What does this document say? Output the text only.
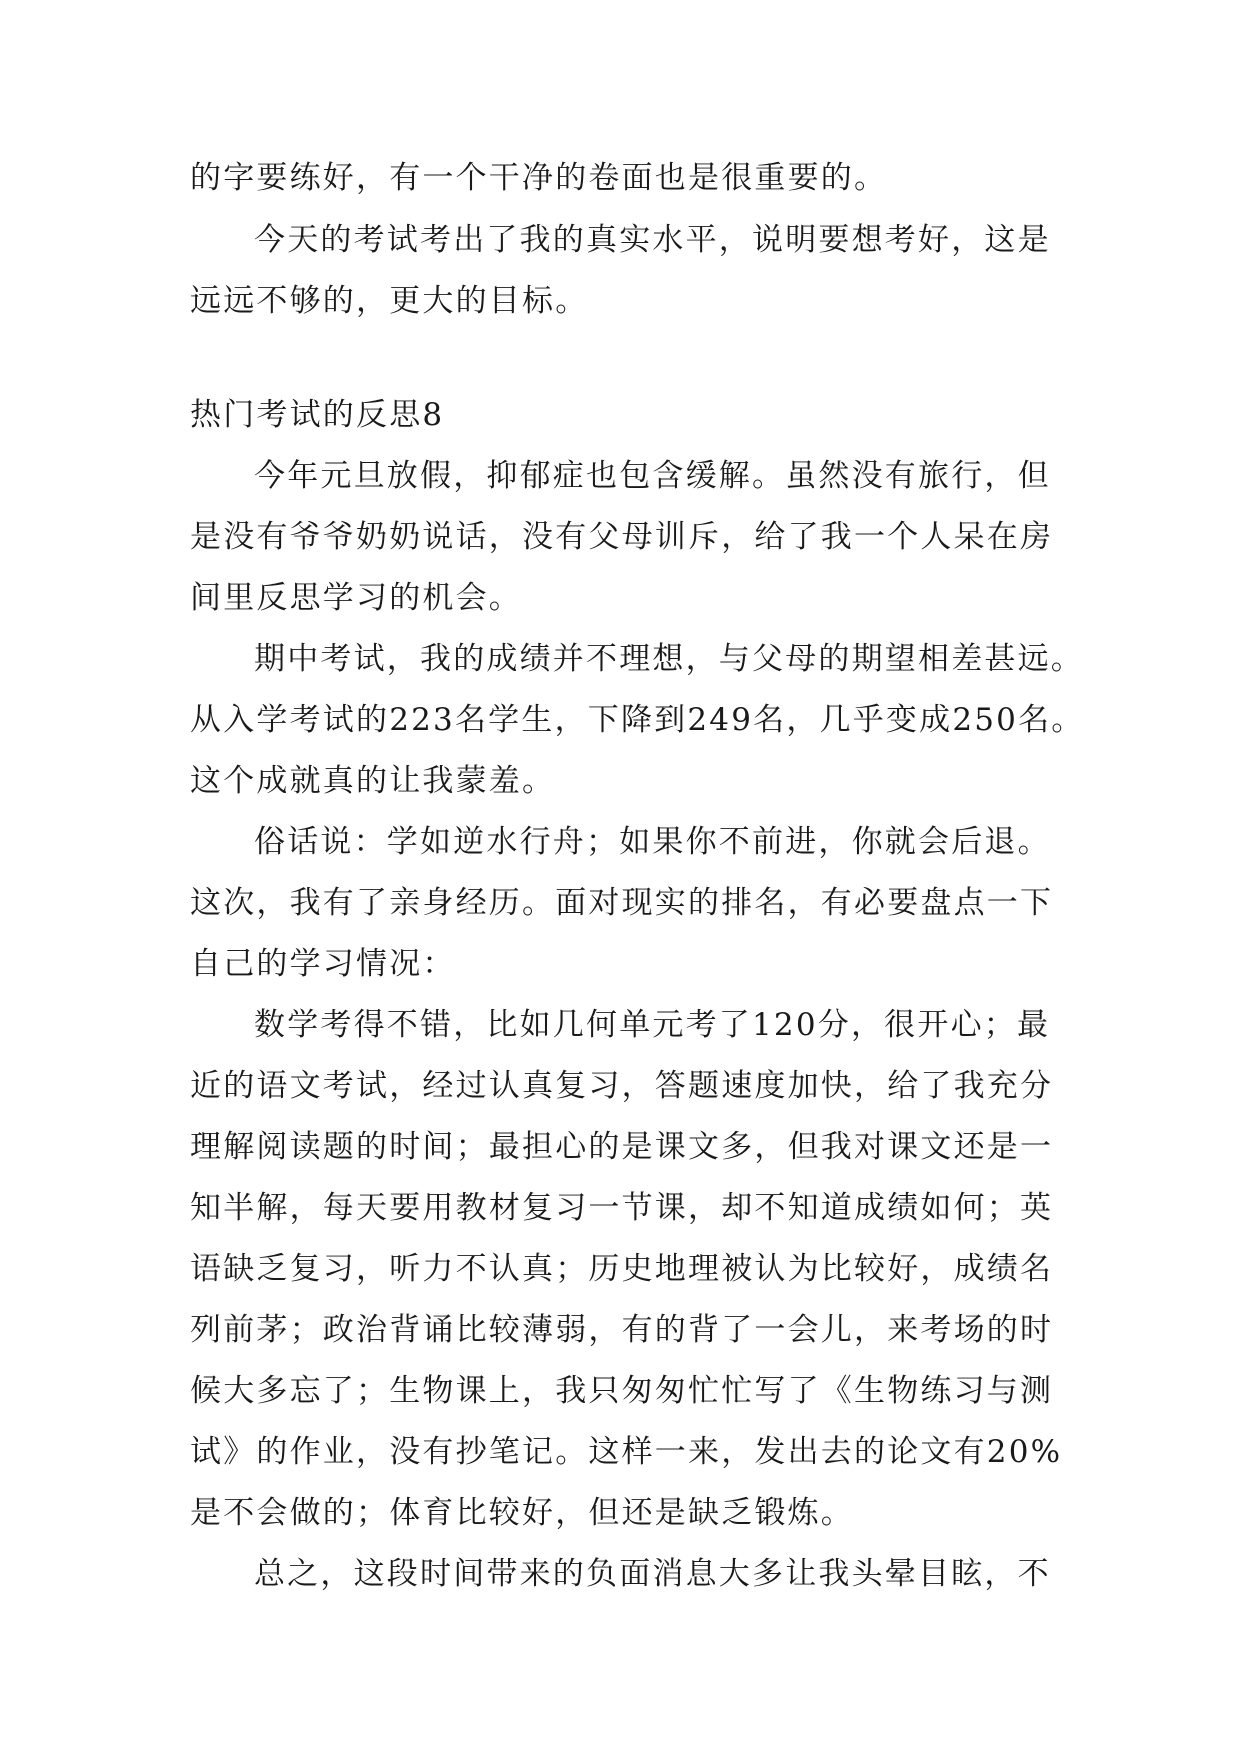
的字要练好，有一个干净的卷面也是很重要的。

今天的考试考出了我的真实水平，说明要想考好，这是

远远不够的，更大的目标。

热门考试的反思8

今年元旦放假，抑郁症也包含缓解。虽然没有旅行，但

是没有爷爷奶奶说话，没有父母训斥，给了我一个人呆在房

间里反思学习的机会。

期中考试，我的成绩并不理想，与父母的期望相差甚远。

从入学考试的223名学生，下降到249名，几乎变成250名。

这个成就真的让我蒙羞。

俗话说：学如逆水行舟；如果你不前进，你就会后退。

这次，我有了亲身经历。面对现实的排名，有必要盘点一下

自己的学习情况：

数学考得不错，比如几何单元考了120分，很开心；最

近的语文考试，经过认真复习，答题速度加快，给了我充分

理解阅读题的时间；最担心的是课文多，但我对课文还是一

知半解，每天要用教材复习一节课，却不知道成绩如何；英

语缺乏复习，听力不认真；历史地理被认为比较好，成绩名

列前茅；政治背诵比较薄弱，有的背了一会儿，来考场的时

候大多忘了；生物课上，我只匆匆忙忙写了《生物练习与测

试》的作业，没有抄笔记。这样一来，发出去的论文有20%

是不会做的；体育比较好，但还是缺乏锻炼。

总之，这段时间带来的负面消息大多让我头晕目眩，不
